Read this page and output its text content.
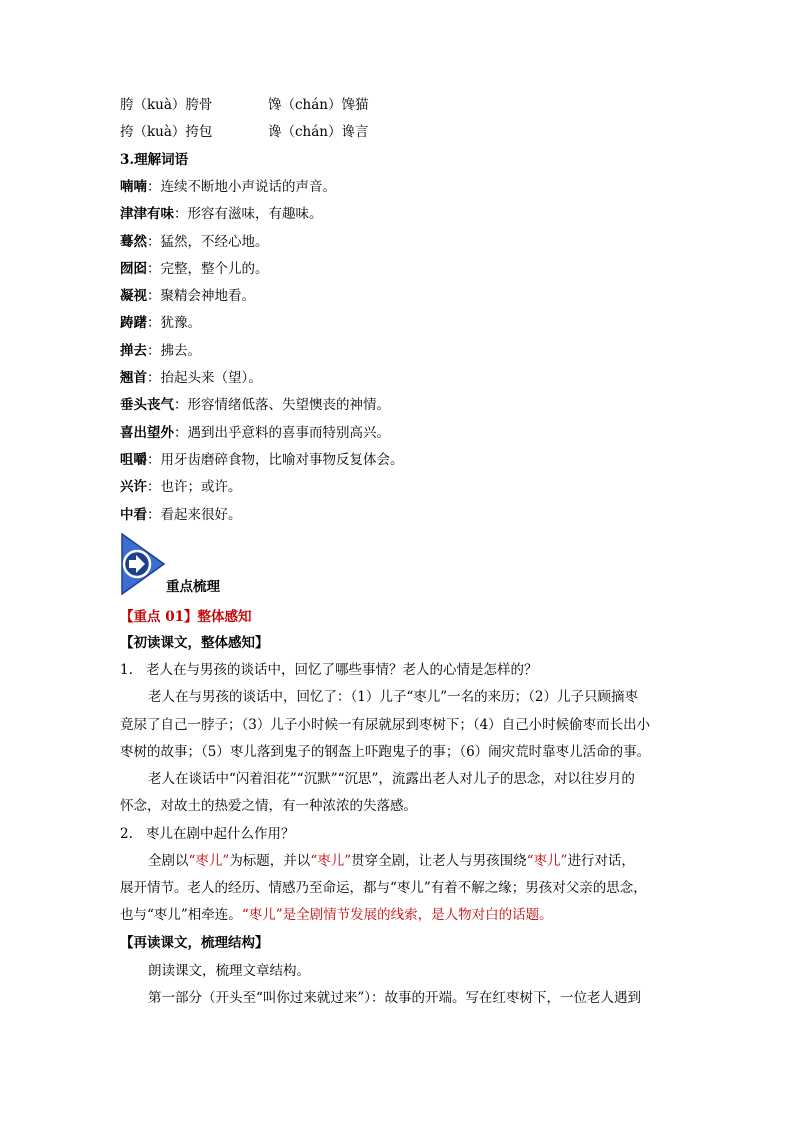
胯（kuà）胯骨	馋（chán）馋猫
挎（kuà）挎包	谗（chán）谗言
3.理解词语
喃喃：连续不断地小声说话的声音。
津津有味：形容有滋味，有趣味。
蓦然：猛然，不经心地。
囫囵：完整，整个儿的。
凝视：聚精会神地看。
踌躇：犹豫。
掸去：拂去。
翘首：抬起头来（望）。
垂头丧气：形容情绪低落、失望懊丧的神情。
喜出望外：遇到出乎意料的喜事而特别高兴。
咀嚼：用牙齿磨碎食物，比喻对事物反复体会。
兴许：也许；或许。
中看：看起来很好。
重点梳理
【重点 01】整体感知
【初读课文，整体感知】
1. 老人在与男孩的谈话中，回忆了哪些事情？老人的心情是怎样的？
老人在与男孩的谈话中，回忆了：（1）儿子“枣儿”一名的来历；（2）儿子只顾摘枣
竟尿了自己一脖子；（3）儿子小时候一有尿就尿到枣树下；（4）自己小时候偷枣而长出小
枣树的故事；（5）枣儿落到鬼子的钢盔上吓跑鬼子的事；（6）闹灾荒时靠枣儿活命的事。
老人在谈话中“闪着泪花”“沉默”“沉思”，流露出老人对儿子的思念，对以往岁月的
怀念，对故土的热爱之情，有一种浓浓的失落感。
2. 枣儿在剧中起什么作用？
全剧以“枣儿”为标题，并以“枣儿”贯穿全剧，让老人与男孩围绕“枣儿”进行对话，
展开情节。老人的经历、情感乃至命运，都与“枣儿”有着不解之缘；男孩对父亲的思念，
也与“枣儿”相牵连。“枣儿”是全剧情节发展的线索，是人物对白的话题。
【再读课文，梳理结构】
朗读课文，梳理文章结构。
第一部分（开头至“叫你过来就过来”）：故事的开端。写在红枣树下，一位老人遇到
